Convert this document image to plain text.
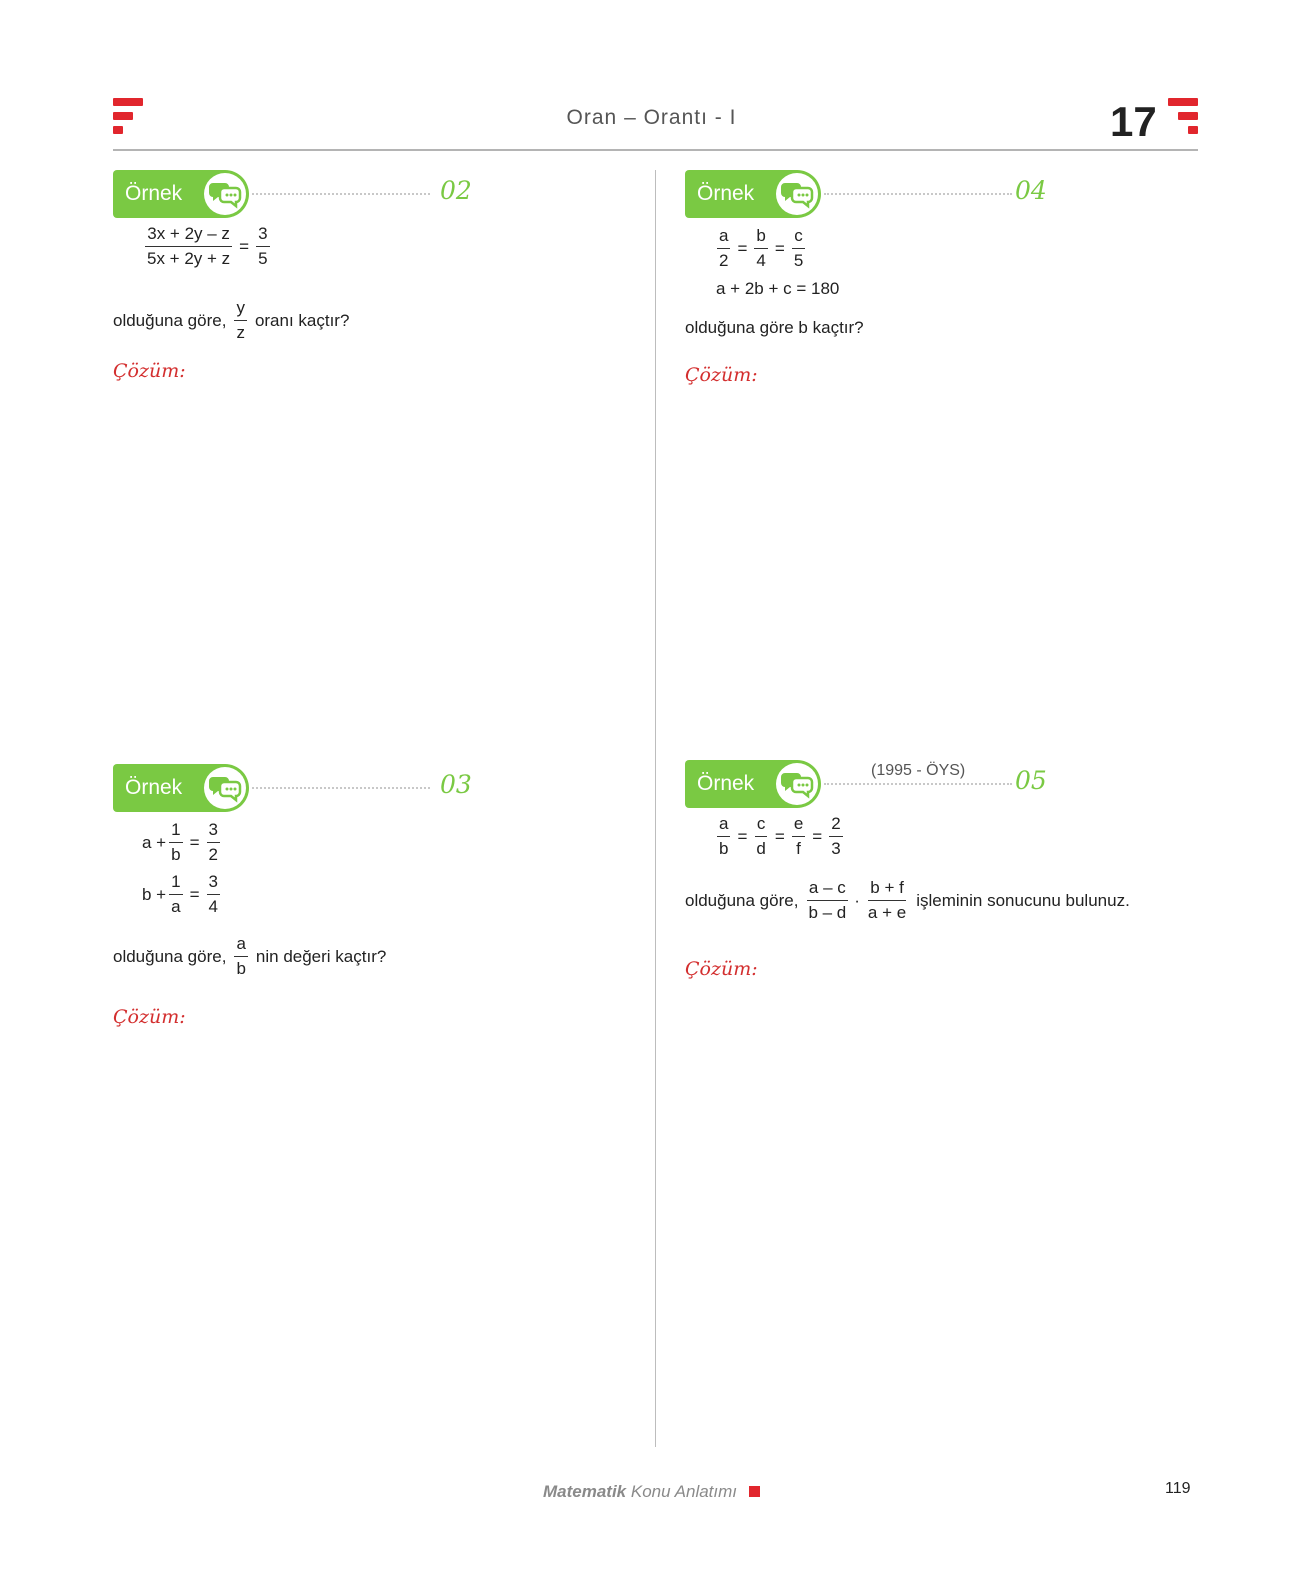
Oran – Orantı - I	17
Örnek	02
$\frac{3x + 2y - z}{5x + 2y + z} = \frac{3}{5}$
olduğuna göre, $\frac{y}{z}$ oranı kaçtır?
Çözüm:
Örnek	03
$a + \frac{1}{b} = \frac{3}{2}$
$b + \frac{1}{a} = \frac{3}{4}$
olduğuna göre, $\frac{a}{b}$ nin değeri kaçtır?
Çözüm:
Örnek	04
$\frac{a}{2} = \frac{b}{4} = \frac{c}{5}$
a + 2b + c = 180
olduğuna göre b kaçtır?
Çözüm:
Örnek
(1995 - ÖYS) 05
$\frac{a}{b} = \frac{c}{d} = \frac{e}{f} = \frac{2}{3}$
olduğuna göre, $\frac{a - c}{b - d} \cdot \frac{b + f}{a + e}$ işleminin sonucunu bulunuz.
Çözüm:
Matematik Konu Anlatımı	119
